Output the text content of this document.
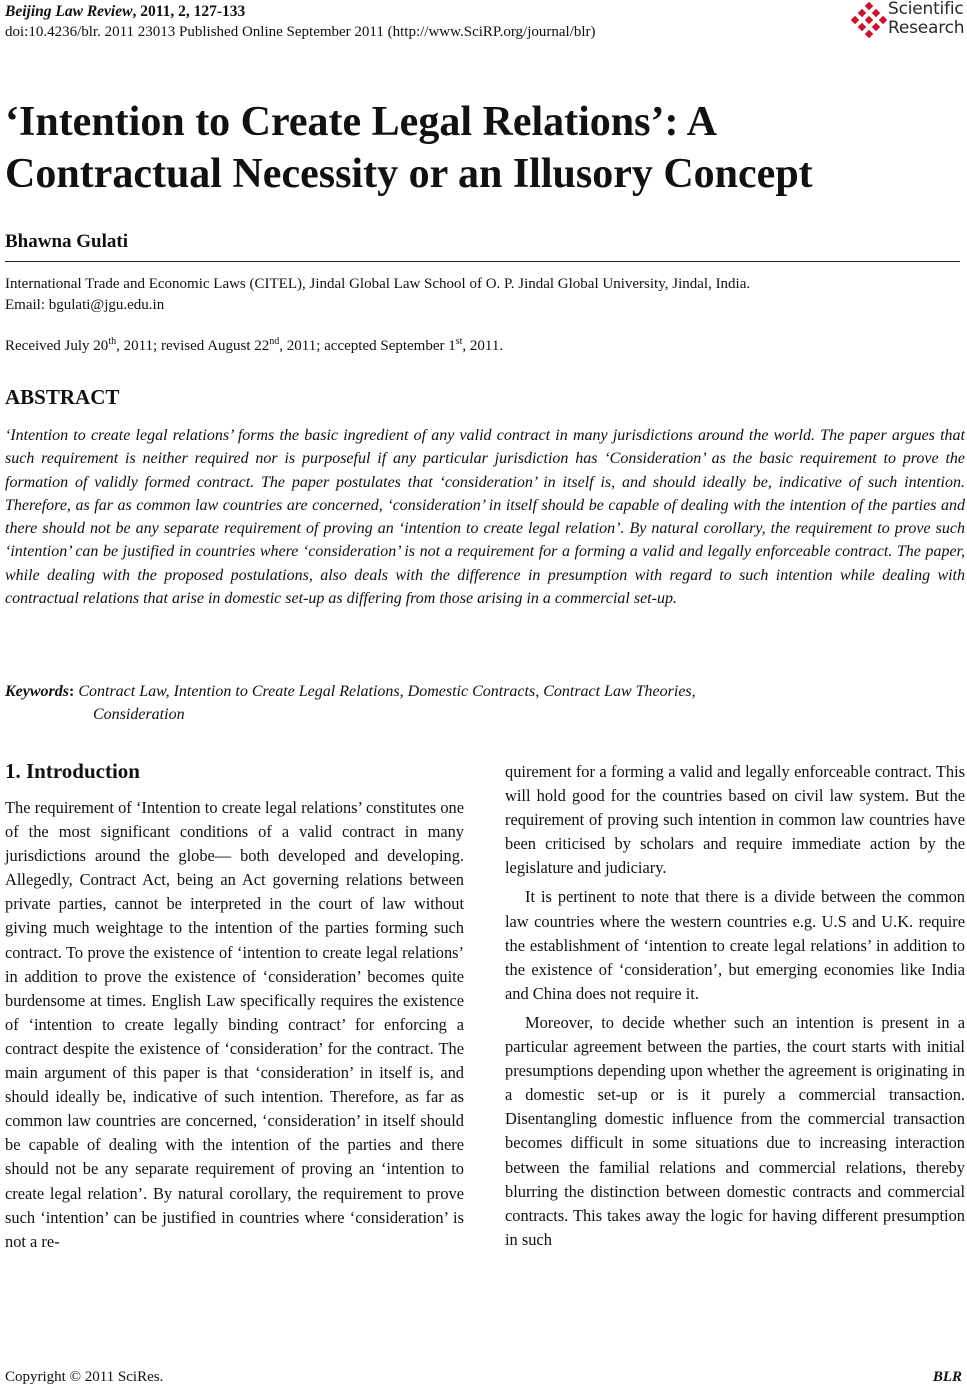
Beijing Law Review, 2011, 2, 127-133
doi:10.4236/blr. 2011 23013 Published Online September 2011 (http://www.SciRP.org/journal/blr)
Scientific
Research
‘Intention to Create Legal Relations’: A
Contractual Necessity or an Illusory Concept
Bhawna Gulati
International Trade and Economic Laws (CITEL), Jindal Global Law School of O. P. Jindal Global University, Jindal, India.
Email: bgulati@jgu.edu.in
Received July 20th, 2011; revised August 22nd, 2011; accepted September 1st, 2011.
ABSTRACT
‘Intention to create legal relations’ forms the basic ingredient of any valid contract in many jurisdictions around the world. The paper argues that such requirement is neither required nor is purposeful if any particular jurisdiction has ‘Consideration’ as the basic requirement to prove the formation of validly formed contract. The paper postulates that ‘consideration’ in itself is, and should ideally be, indicative of such intention. Therefore, as far as common law countries are concerned, ‘consideration’ in itself should be capable of dealing with the intention of the parties and there should not be any separate requirement of proving an ‘intention to create legal relation’. By natural corollary, the requirement to prove such ‘intention’ can be justified in countries where ‘consideration’ is not a requirement for a forming a valid and legally enforceable contract. The paper, while dealing with the proposed postulations, also deals with the difference in presumption with regard to such intention while dealing with contractual relations that arise in domestic set-up as differing from those arising in a commercial set-up.
Keywords: Contract Law, Intention to Create Legal Relations, Domestic Contracts, Contract Law Theories,
Consideration
1. Introduction

The requirement of ‘Intention to create legal relations’ constitutes one of the most significant conditions of a valid contract in many jurisdictions around the globe— both developed and developing. Allegedly, Contract Act, being an Act governing relations between private parties, cannot be interpreted in the court of law without giving much weightage to the intention of the parties forming such contract. To prove the existence of ‘intention to create legal relations’ in addition to prove the existence of ‘consideration’ becomes quite burdensome at times. English Law specifically requires the existence of ‘intention to create legally binding contract’ for enforcing a contract despite the existence of ‘consideration’ for the contract. The main argument of this paper is that ‘consideration’ in itself is, and should ideally be, indicative of such intention. Therefore, as far as common law countries are concerned, ‘consideration’ in itself should be capable of dealing with the intention of the parties and there should not be any separate requirement of proving an ‘intention to create legal relation’. By natural corollary, the requirement to prove such ‘intention’ can be justified in countries where ‘consideration’ is not a re-

quirement for a forming a valid and legally enforceable contract. This will hold good for the countries based on civil law system. But the requirement of proving such intention in common law countries have been criticised by scholars and require immediate action by the legislature and judiciary.

It is pertinent to note that there is a divide between the common law countries where the western countries e.g. U.S and U.K. require the establishment of ‘intention to create legal relations’ in addition to the existence of ‘consideration’, but emerging economies like India and China does not require it.

Moreover, to decide whether such an intention is present in a particular agreement between the parties, the court starts with initial presumptions depending upon whether the agreement is originating in a domestic set-up or is it purely a commercial transaction. Disentangling domestic influence from the commercial transaction becomes difficult in some situations due to increasing interaction between the familial relations and commercial relations, thereby blurring the distinction between domestic contracts and commercial contracts. This takes away the logic for having different presumption in such

Copyright © 2011 SciRes.	BLR
